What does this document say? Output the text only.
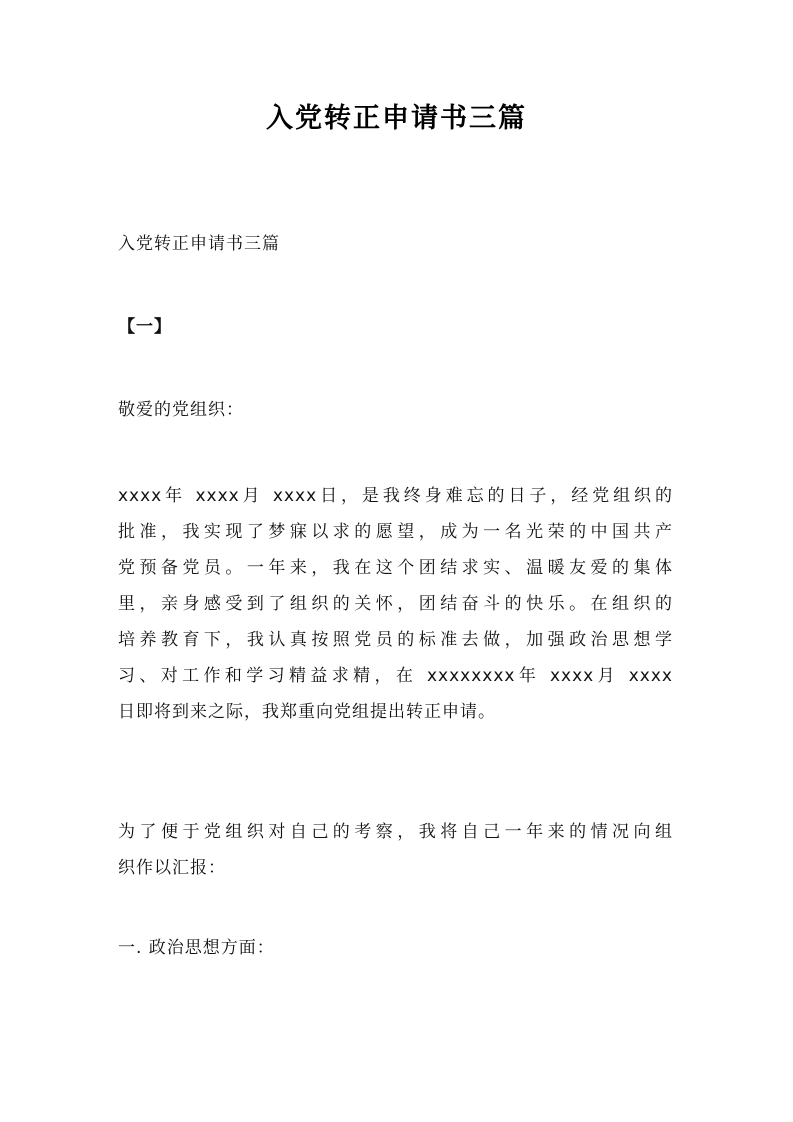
入党转正申请书三篇
入党转正申请书三篇
【一】
敬爱的党组织：
xxxx年 xxxx月 xxxx日，是我终身难忘的日子，经党组织的
批准，我实现了梦寐以求的愿望，成为一名光荣的中国共产
党预备党员。一年来，我在这个团结求实、温暖友爱的集体
里，亲身感受到了组织的关怀，团结奋斗的快乐。在组织的
培养教育下，我认真按照党员的标准去做，加强政治思想学
习、对工作和学习精益求精，在 xxxxxxxx年 xxxx月 xxxx
日即将到来之际，我郑重向党组提出转正申请。
为了便于党组织对自己的考察，我将自己一年来的情况向组
织作以汇报：
一. 政治思想方面：
